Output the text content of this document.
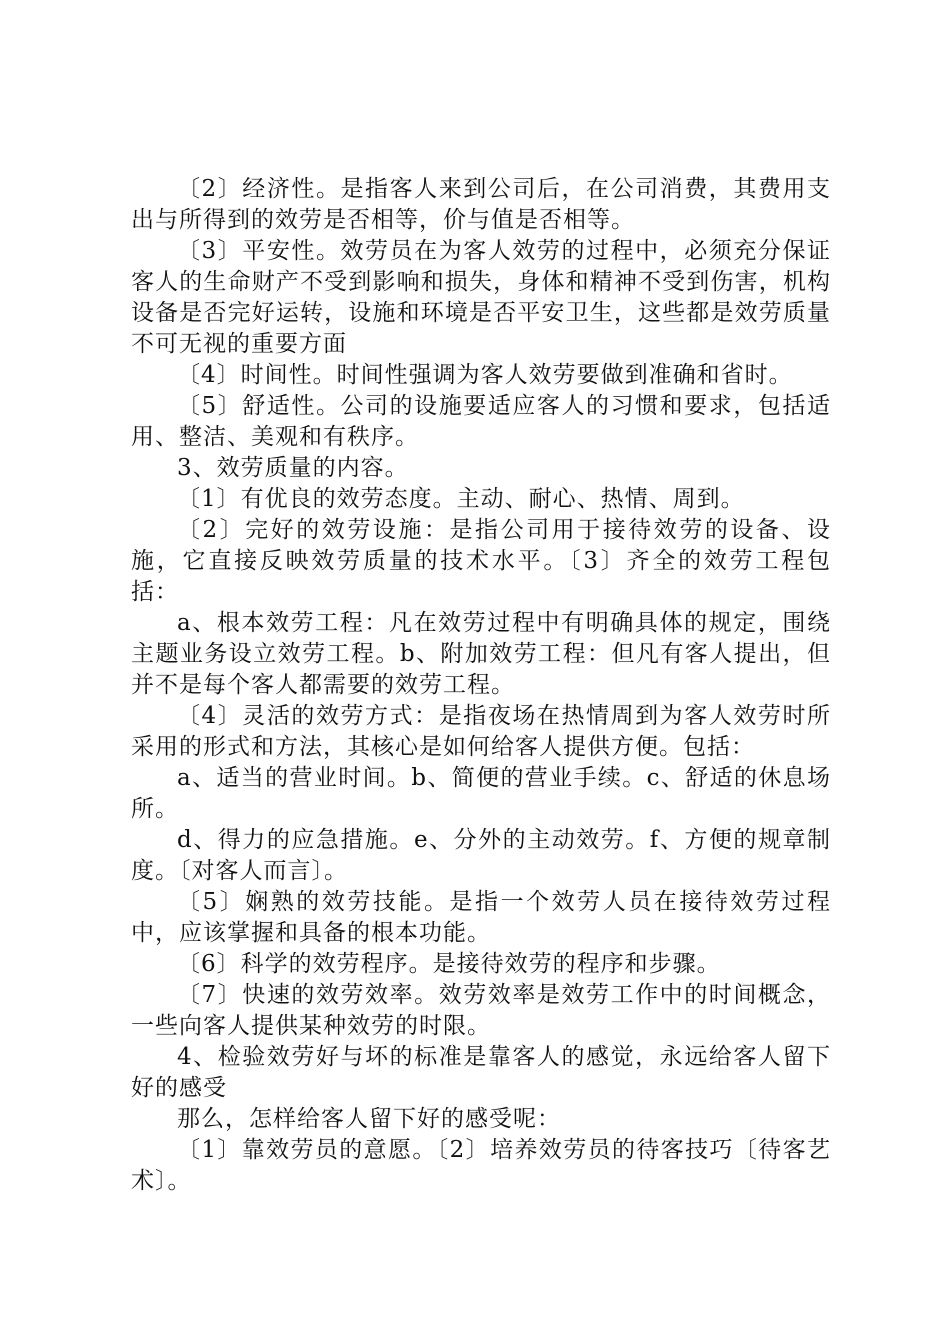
〔2〕经济性。是指客人来到公司后，在公司消费，其费用支出与所得到的效劳是否相等，价与值是否相等。

〔3〕平安性。效劳员在为客人效劳的过程中，必须充分保证客人的生命财产不受到影响和损失，身体和精神不受到伤害，机构设备是否完好运转，设施和环境是否平安卫生，这些都是效劳质量不可无视的重要方面

〔4〕时间性。时间性强调为客人效劳要做到准确和省时。

〔5〕舒适性。公司的设施要适应客人的习惯和要求，包括适用、整洁、美观和有秩序。

3、效劳质量的内容。

〔1〕有优良的效劳态度。主动、耐心、热情、周到。

〔2〕完好的效劳设施：是指公司用于接待效劳的设备、设施，它直接反映效劳质量的技术水平。〔3〕齐全的效劳工程包括：

a、根本效劳工程：凡在效劳过程中有明确具体的规定，围绕主题业务设立效劳工程。b、附加效劳工程：但凡有客人提出，但并不是每个客人都需要的效劳工程。

〔4〕灵活的效劳方式：是指夜场在热情周到为客人效劳时所采用的形式和方法，其核心是如何给客人提供方便。包括：

a、适当的营业时间。b、简便的营业手续。c、舒适的休息场所。

d、得力的应急措施。e、分外的主动效劳。f、方便的规章制度。〔对客人而言〕。

〔5〕娴熟的效劳技能。是指一个效劳人员在接待效劳过程中，应该掌握和具备的根本功能。

〔6〕科学的效劳程序。是接待效劳的程序和步骤。

〔7〕快速的效劳效率。效劳效率是效劳工作中的时间概念，一些向客人提供某种效劳的时限。

4、检验效劳好与坏的标准是靠客人的感觉，永远给客人留下好的感受

那么，怎样给客人留下好的感受呢：

〔1〕靠效劳员的意愿。〔2〕培养效劳员的待客技巧〔待客艺术〕。
